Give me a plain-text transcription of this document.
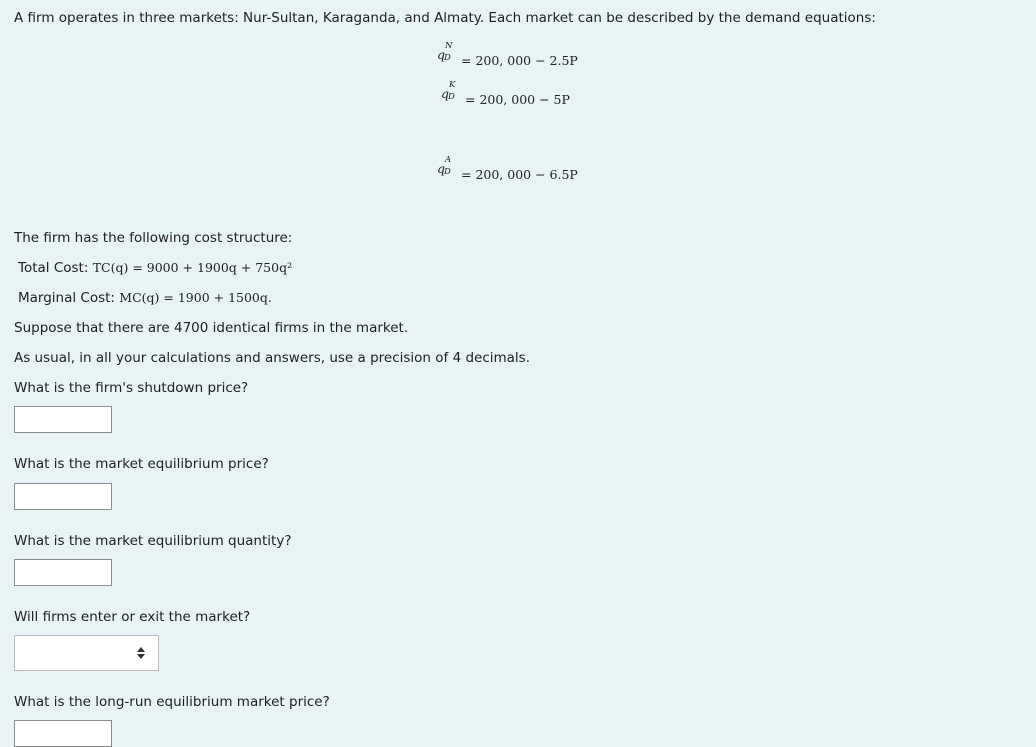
A firm operates in three markets: Nur-Sultan, Karaganda, and Almaty. Each market can be described by the demand equations:
q
N
D = 200, 000 − 2.5P
q
K
D = 200, 000 − 5P
q
A
D = 200, 000 − 6.5P
The firm has the following cost structure:
Total Cost: TC(q) = 9000 + 1900q + 750q²
Marginal Cost: MC(q) = 1900 + 1500q.
Suppose that there are 4700 identical firms in the market.
As usual, in all your calculations and answers, use a precision of 4 decimals.
What is the firm's shutdown price?
What is the market equilibrium price?
What is the market equilibrium quantity?
Will firms enter or exit the market?
What is the long-run equilibrium market price?
